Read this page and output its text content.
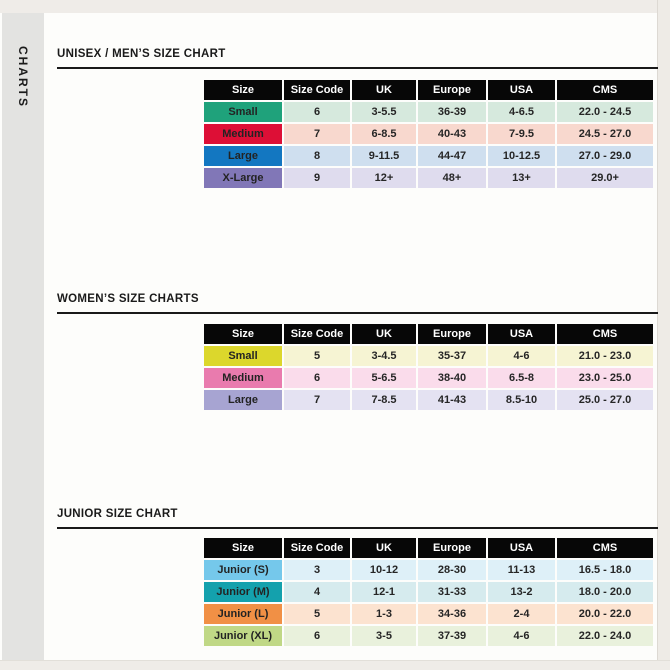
CHARTS UNISEX / MEN’S SIZE CHART
Size	Size Code	UK	Europe	USA	CMS
Small	6	3-5.5	36-39	4-6.5	22.0 - 24.5
Medium	7	6-8.5	40-43	7-9.5	24.5 - 27.0
Large	8	9-11.5	44-47	10-12.5	27.0 - 29.0
X-Large	9	12+	48+	13+	29.0+
WOMEN’S SIZE CHARTS
Size	Size Code	UK	Europe	USA	CMS
Small	5	3-4.5	35-37	4-6	21.0 - 23.0
Medium	6	5-6.5	38-40	6.5-8	23.0 - 25.0
Large	7	7-8.5	41-43	8.5-10	25.0 - 27.0
JUNIOR SIZE CHART
Size	Size Code	UK	Europe	USA	CMS
Junior (S)	3	10-12	28-30	11-13	16.5 - 18.0
Junior (M)	4	12-1	31-33	13-2	18.0 - 20.0
Junior (L)	5	1-3	34-36	2-4	20.0 - 22.0
Junior (XL)	6	3-5	37-39	4-6	22.0 - 24.0
